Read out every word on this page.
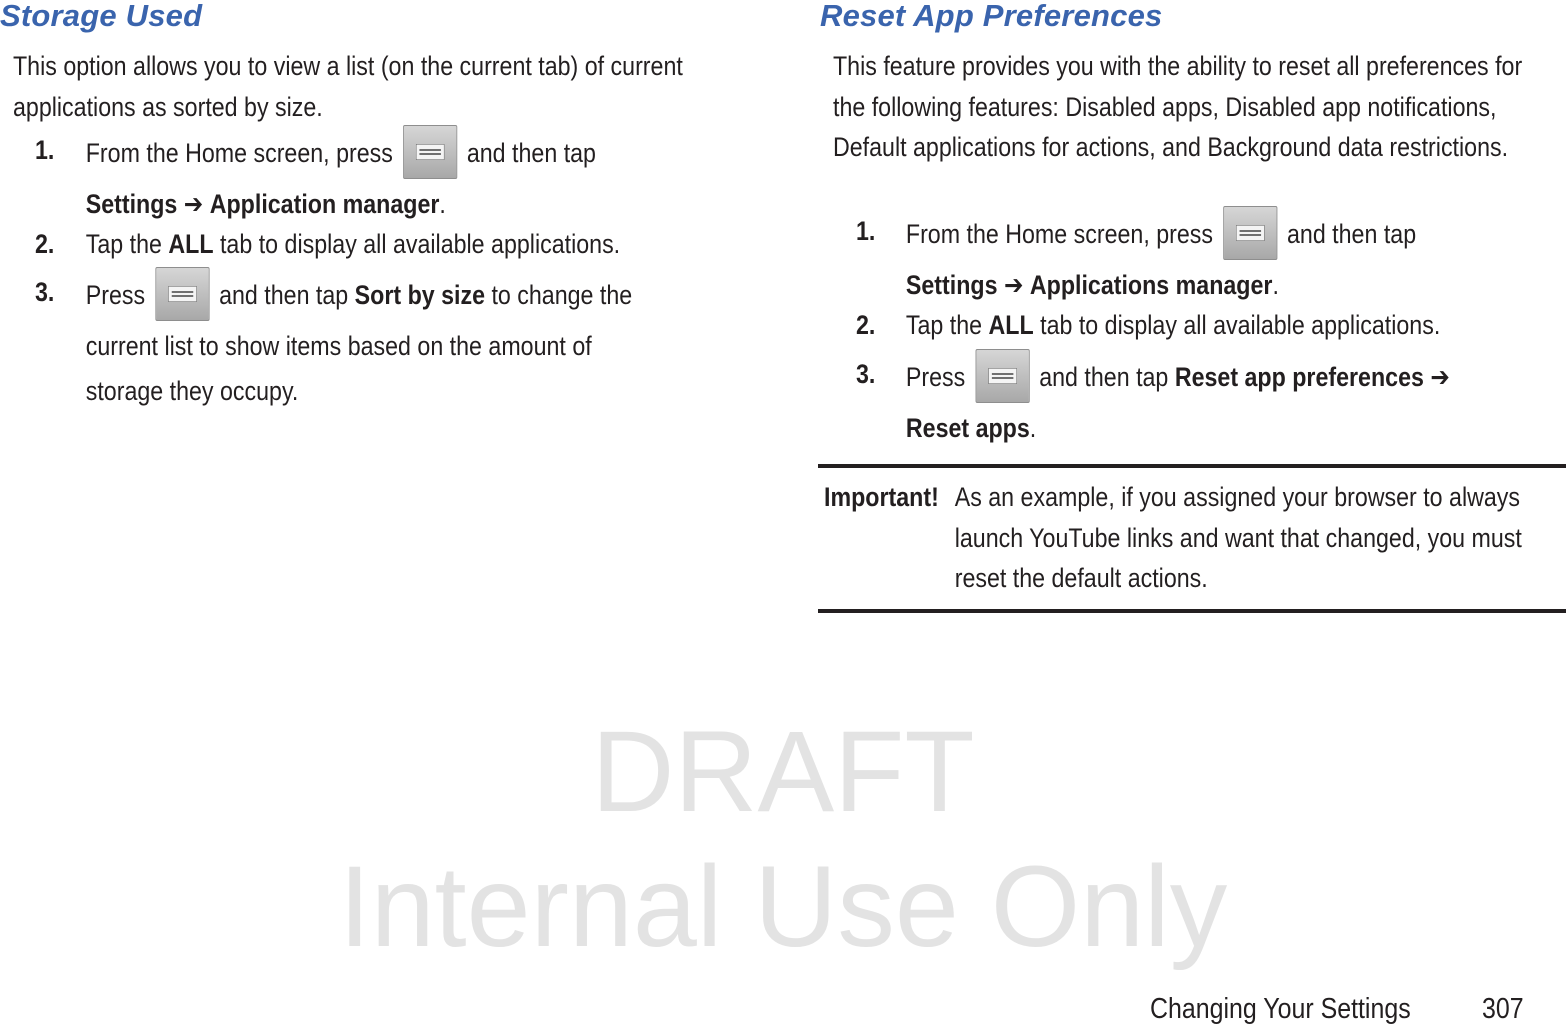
Storage Used

This option allows you to view a list (on the current tab) of current applications as sorted by size.

1. From the Home screen, press	and then tap
Settings ➔ Application manager.
2. Tap the ALL tab to display all available applications.
3. Press	and then tap Sort by size to change the
current list to show items based on the amount of
storage they occupy.
Reset App Preferences

This feature provides you with the ability to reset all preferences for the following features: Disabled apps, Disabled app notifications, Default applications for actions, and Background data restrictions.

1. From the Home screen, press	and then tap
Settings ➔ Applications manager.
2. Tap the ALL tab to display all available applications.
3. Press	and then tap Reset app preferences ➔
Reset apps.
Important! As an example, if you assigned your browser to always launch YouTube links and want that changed, you must reset the default actions.
DRAFT
Internal Use Only
Changing Your Settings 307
